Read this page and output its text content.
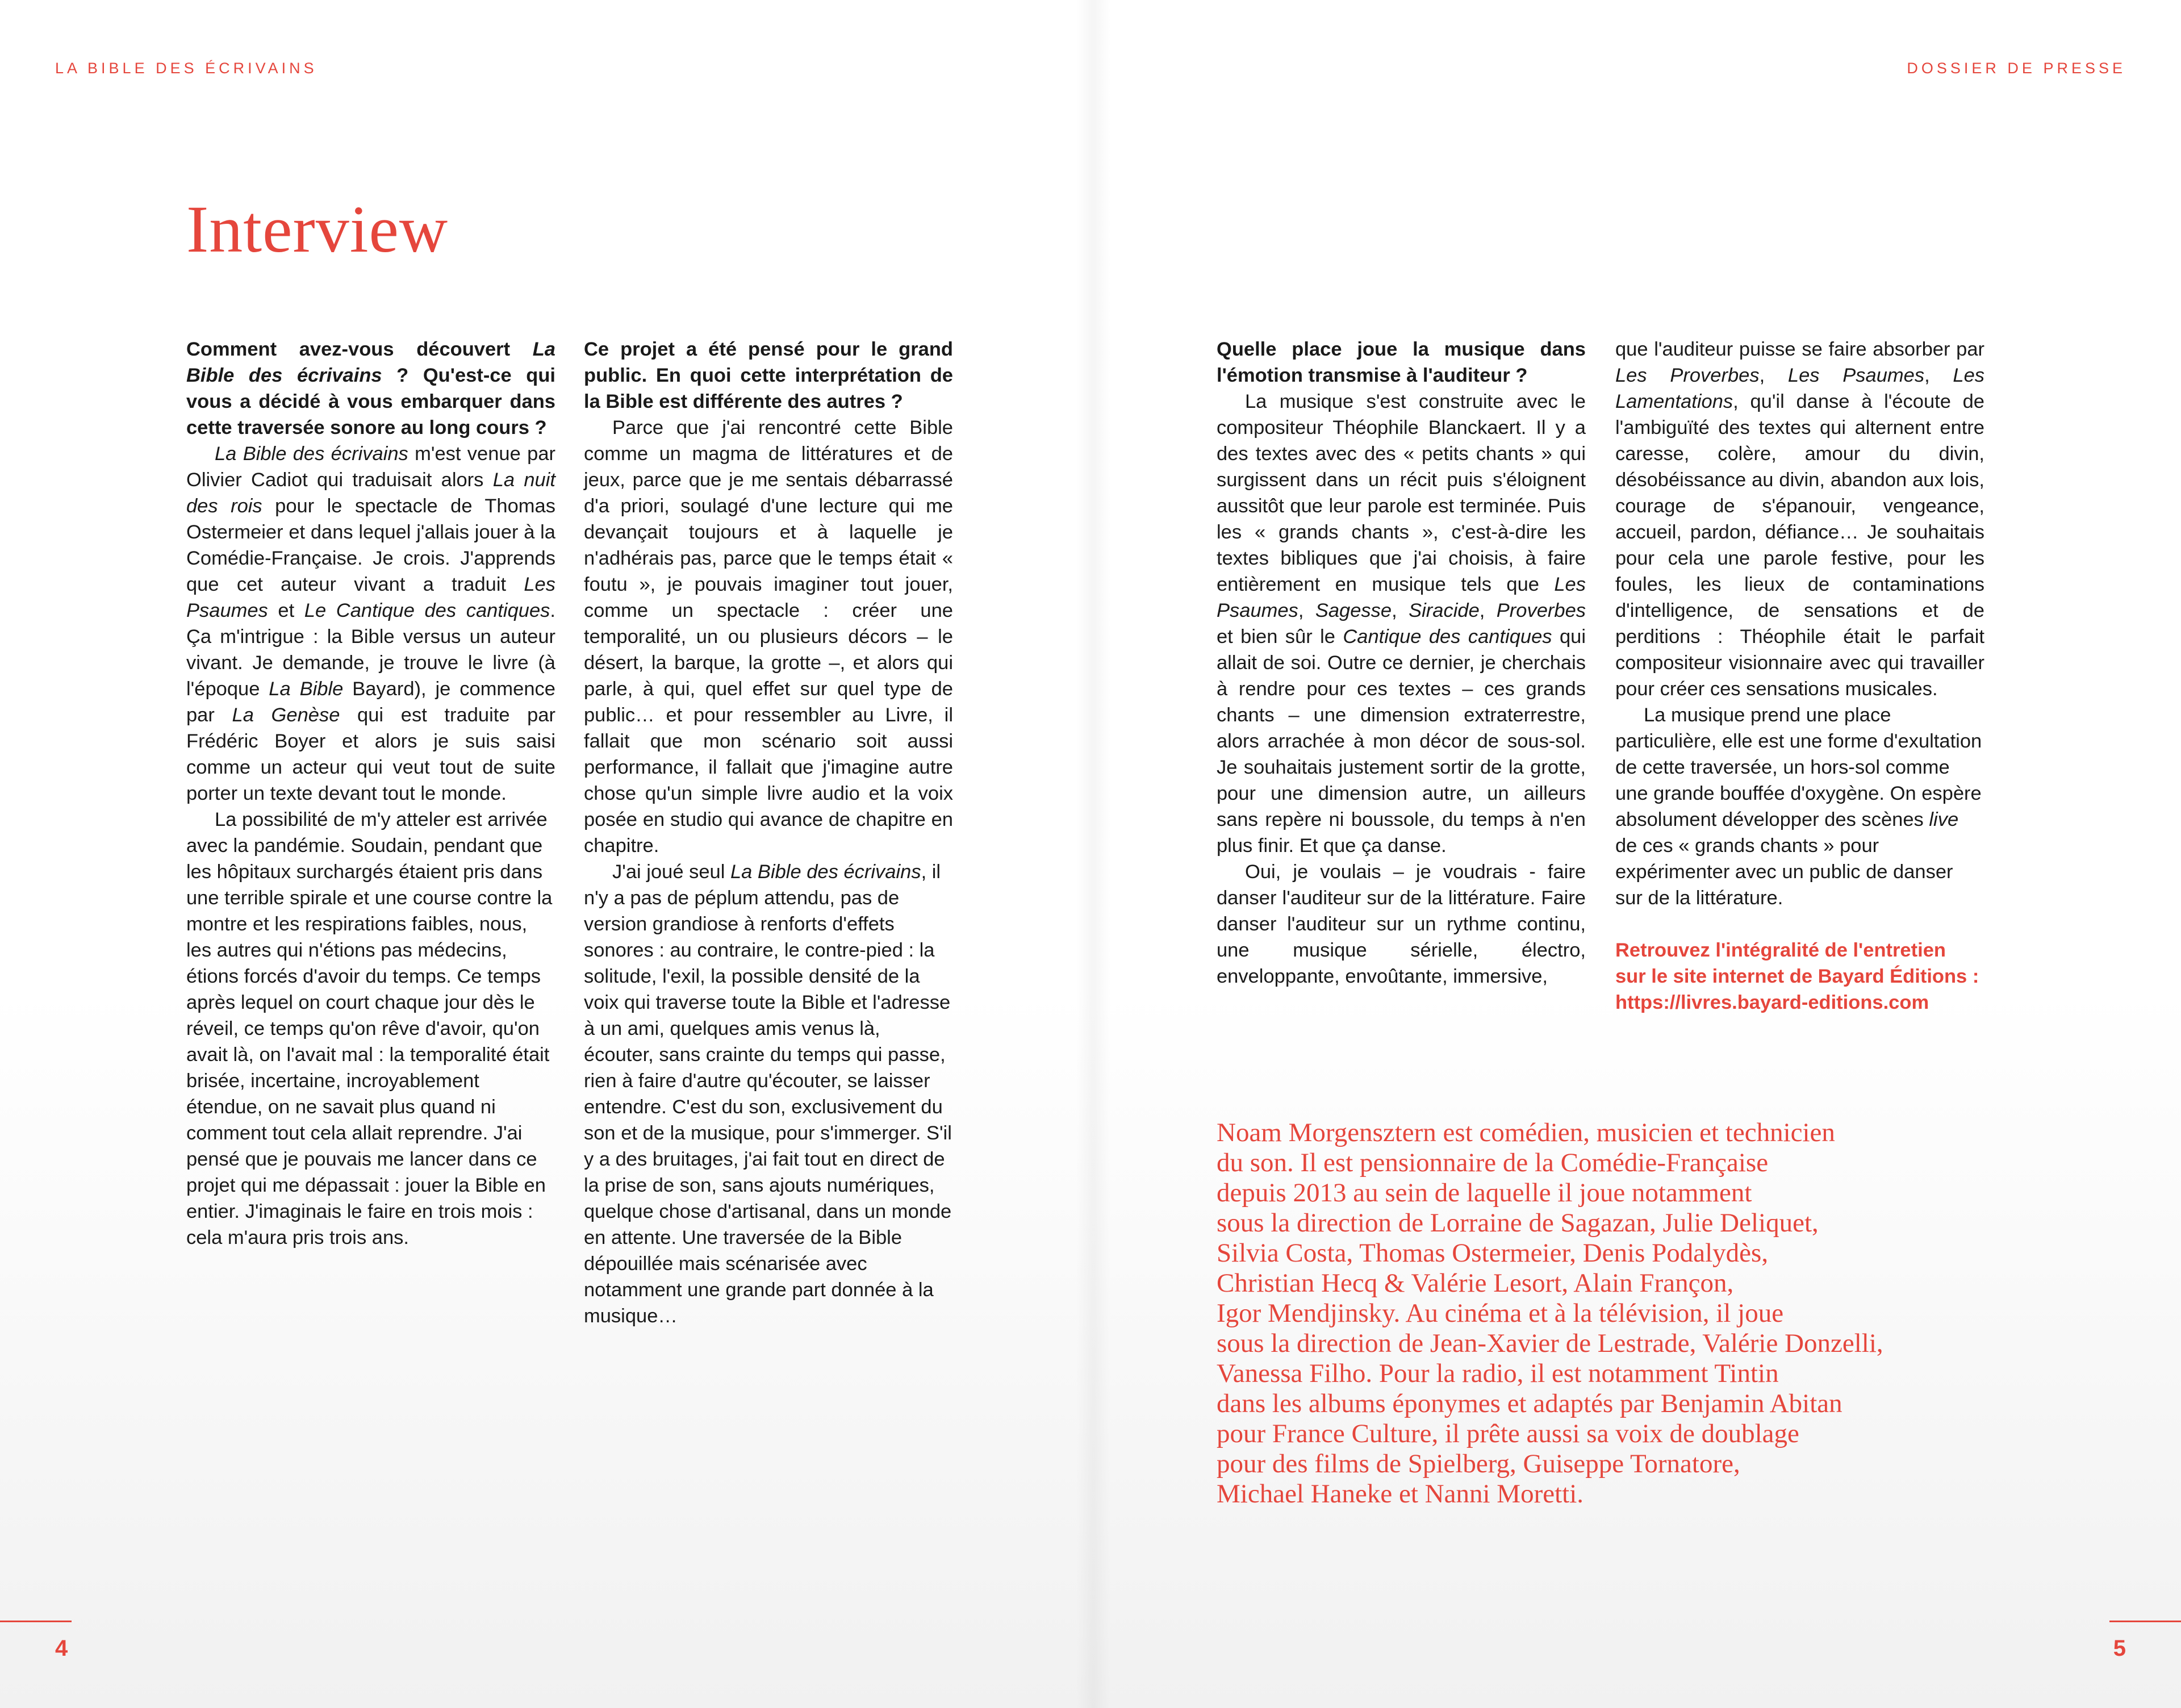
LA BIBLE DES ÉCRIVAINS	DOSSIER DE PRESSE
Interview

Comment avez-vous découvert La Bible des écrivains ? Qu'est-ce qui vous a décidé à vous embarquer dans cette traversée sonore au long cours ?

La Bible des écrivains m'est venue par Olivier Cadiot qui traduisait alors La nuit des rois pour le spectacle de Thomas Ostermeier et dans lequel j'allais jouer à la Comédie-Française. Je crois. J'apprends que cet auteur vivant a traduit Les Psaumes et Le Cantique des cantiques. Ça m'intrigue : la Bible versus un auteur vivant. Je demande, je trouve le livre (à l'époque La Bible Bayard), je commence par La Genèse qui est traduite par Frédéric Boyer et alors je suis saisi comme un acteur qui veut tout de suite porter un texte devant tout le monde.

La possibilité de m'y atteler est arrivée avec la pandémie. Soudain, pendant que les hôpitaux surchargés étaient pris dans une terrible spirale et une course contre la montre et les respirations faibles, nous, les autres qui n'étions pas médecins, étions forcés d'avoir du temps. Ce temps après lequel on court chaque jour dès le réveil, ce temps qu'on rêve d'avoir, qu'on avait là, on l'avait mal : la temporalité était brisée, incertaine, incroyablement étendue, on ne savait plus quand ni comment tout cela allait reprendre. J'ai pensé que je pouvais me lancer dans ce projet qui me dépassait : jouer la Bible en entier. J'imaginais le faire en trois mois : cela m'aura pris trois ans.

Ce projet a été pensé pour le grand public. En quoi cette interprétation de la Bible est différente des autres ?

Parce que j'ai rencontré cette Bible comme un magma de littératures et de jeux, parce que je me sentais débarrassé d'a priori, soulagé d'une lecture qui me devançait toujours et à laquelle je n'adhérais pas, parce que le temps était « foutu », je pouvais imaginer tout jouer, comme un spectacle : créer une temporalité, un ou plusieurs décors – le désert, la barque, la grotte –, et alors qui parle, à qui, quel effet sur quel type de public… et pour ressembler au Livre, il fallait que mon scénario soit aussi performance, il fallait que j'imagine autre chose qu'un simple livre audio et la voix posée en studio qui avance de chapitre en chapitre.

J'ai joué seul La Bible des écrivains, il n'y a pas de péplum attendu, pas de version grandiose à renforts d'effets sonores : au contraire, le contre-pied : la solitude, l'exil, la possible densité de la voix qui traverse toute la Bible et l'adresse à un ami, quelques amis venus là, écouter, sans crainte du temps qui passe, rien à faire d'autre qu'écouter, se laisser entendre. C'est du son, exclusivement du son et de la musique, pour s'immerger. S'il y a des bruitages, j'ai fait tout en direct de la prise de son, sans ajouts numériques, quelque chose d'artisanal, dans un monde en attente. Une traversée de la Bible dépouillée mais scénarisée avec notamment une grande part donnée à la musique…

Quelle place joue la musique dans l'émotion transmise à l'auditeur ?

La musique s'est construite avec le compositeur Théophile Blanckaert. Il y a des textes avec des « petits chants » qui surgissent dans un récit puis s'éloignent aussitôt que leur parole est terminée. Puis les « grands chants », c'est-à-dire les textes bibliques que j'ai choisis, à faire entièrement en musique tels que Les Psaumes, Sagesse, Siracide, Proverbes et bien sûr le Cantique des cantiques qui allait de soi. Outre ce dernier, je cherchais à rendre pour ces textes – ces grands chants – une dimension extraterrestre, alors arrachée à mon décor de sous-sol. Je souhaitais justement sortir de la grotte, pour une dimension autre, un ailleurs sans repère ni boussole, du temps à n'en plus finir. Et que ça danse.

Oui, je voulais – je voudrais - faire danser l'auditeur sur de la littérature. Faire danser l'auditeur sur un rythme continu, une musique sérielle, électro, enveloppante, envoûtante, immersive,

que l'auditeur puisse se faire absorber par Les Proverbes, Les Psaumes, Les Lamentations, qu'il danse à l'écoute de l'ambiguïté des textes qui alternent entre caresse, colère, amour du divin, désobéissance au divin, abandon aux lois, courage de s'épanouir, vengeance, accueil, pardon, défiance… Je souhaitais pour cela une parole festive, pour les foules, les lieux de contaminations d'intelligence, de sensations et de perditions : Théophile était le parfait compositeur visionnaire avec qui travailler pour créer ces sensations musicales.

La musique prend une place particulière, elle est une forme d'exultation de cette traversée, un hors-sol comme une grande bouffée d'oxygène. On espère absolument développer des scènes live de ces « grands chants » pour expérimenter avec un public de danser sur de la littérature.

Retrouvez l'intégralité de l'entretien
sur le site internet de Bayard Éditions :
https://livres.bayard-editions.com

Noam Morgensztern est comédien, musicien et technicien
du son. Il est pensionnaire de la Comédie-Française
depuis 2013 au sein de laquelle il joue notamment
sous la direction de Lorraine de Sagazan, Julie Deliquet,
Silvia Costa, Thomas Ostermeier, Denis Podalydès,
Christian Hecq & Valérie Lesort, Alain Françon,
Igor Mendjinsky. Au cinéma et à la télévision, il joue
sous la direction de Jean-Xavier de Lestrade, Valérie Donzelli,
Vanessa Filho. Pour la radio, il est notamment Tintin
dans les albums éponymes et adaptés par Benjamin Abitan
pour France Culture, il prête aussi sa voix de doublage
pour des films de Spielberg, Guiseppe Tornatore,
Michael Haneke et Nanni Moretti.
4	5
